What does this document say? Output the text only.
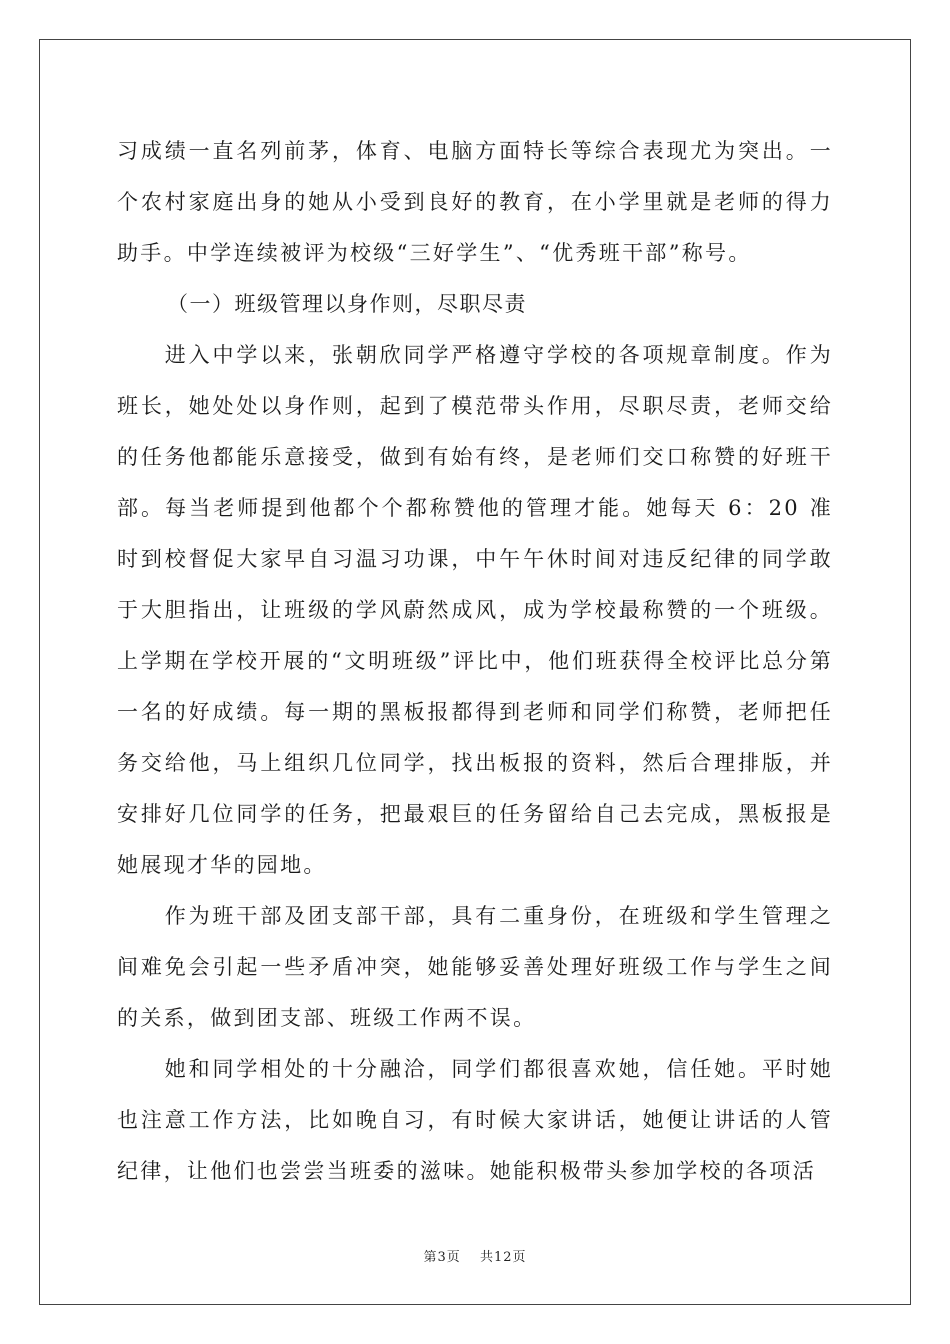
习成绩一直名列前茅，体育、电脑方面特长等综合表现尤为突出。一个农村家庭出身的她从小受到良好的教育，在小学里就是老师的得力助手。中学连续被评为校级“三好学生”、“优秀班干部”称号。

（一）班级管理以身作则，尽职尽责

　　进入中学以来，张朝欣同学严格遵守学校的各项规章制度。作为班长，她处处以身作则，起到了模范带头作用，尽职尽责，老师交给的任务他都能乐意接受，做到有始有终，是老师们交口称赞的好班干部。每当老师提到他都个个都称赞他的管理才能。她每天 6：20 准时到校督促大家早自习温习功课，中午午休时间对违反纪律的同学敢于大胆指出，让班级的学风蔚然成风，成为学校最称赞的一个班级。上学期在学校开展的“文明班级”评比中，他们班获得全校评比总分第一名的好成绩。每一期的黑板报都得到老师和同学们称赞，老师把任务交给他，马上组织几位同学，找出板报的资料，然后合理排版，并安排好几位同学的任务，把最艰巨的任务留给自己去完成，黑板报是她展现才华的园地。

　　作为班干部及团支部干部，具有二重身份，在班级和学生管理之间难免会引起一些矛盾冲突，她能够妥善处理好班级工作与学生之间的关系，做到团支部、班级工作两不误。

　　她和同学相处的十分融洽，同学们都很喜欢她，信任她。平时她也注意工作方法，比如晚自习，有时候大家讲话，她便让讲话的人管纪律，让他们也尝尝当班委的滋味。她能积极带头参加学校的各项活

第3页 共12页
